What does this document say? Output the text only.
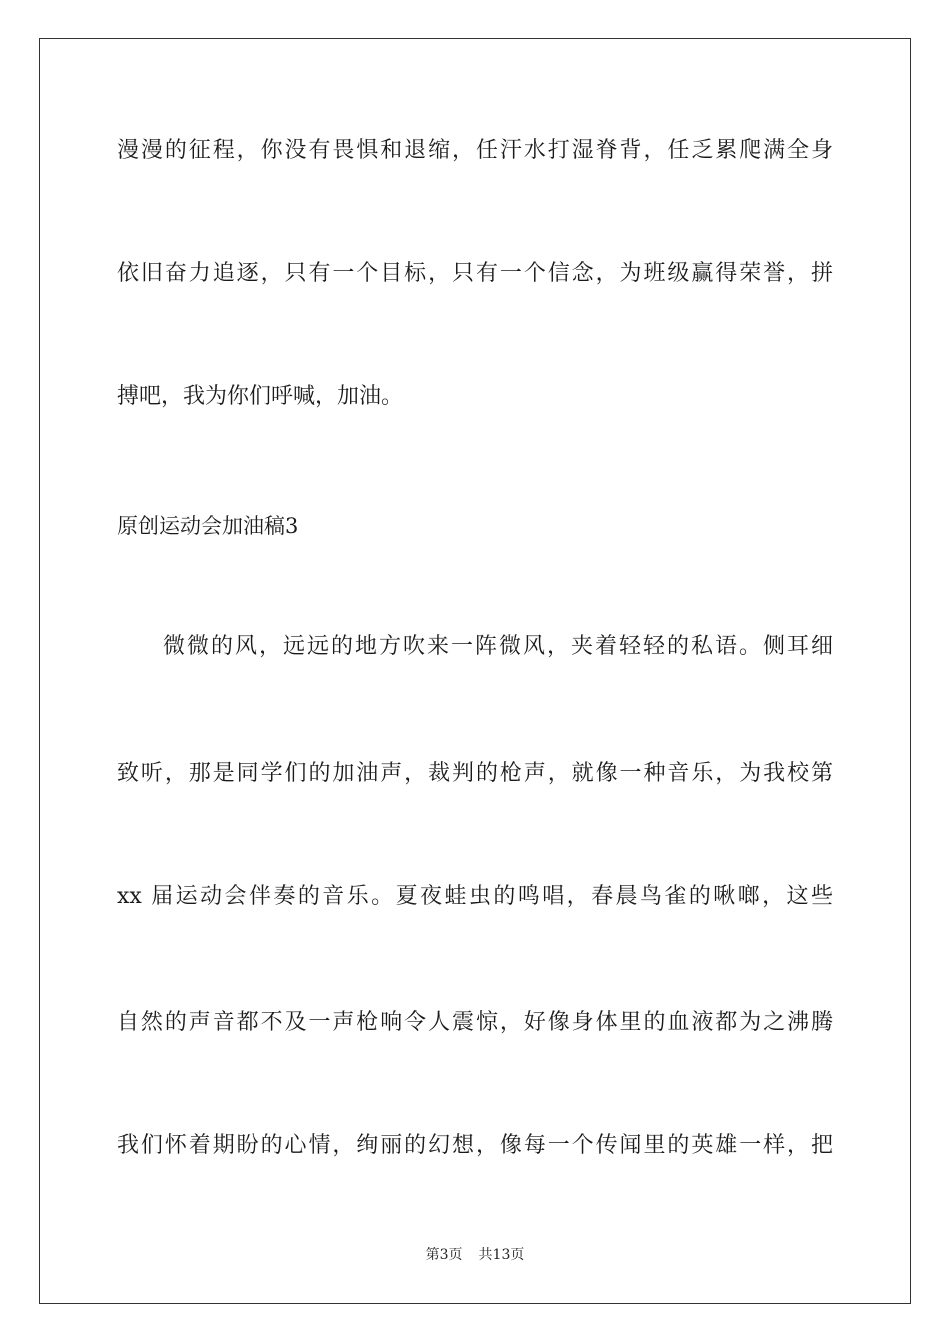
漫漫的征程，你没有畏惧和退缩，任汗水打湿脊背，任乏累爬满全身
依旧奋力追逐，只有一个目标，只有一个信念，为班级赢得荣誉，拼
搏吧，我为你们呼喊，加油。
原创运动会加油稿3
微微的风，远远的地方吹来一阵微风，夹着轻轻的私语。侧耳细
致听，那是同学们的加油声，裁判的枪声，就像一种音乐，为我校第
xx 届运动会伴奏的音乐。夏夜蛙虫的鸣唱，春晨鸟雀的啾啷，这些
自然的声音都不及一声枪响令人震惊，好像身体里的血液都为之沸腾
我们怀着期盼的心情，绚丽的幻想，像每一个传闻里的英雄一样，把
第3页 共13页
